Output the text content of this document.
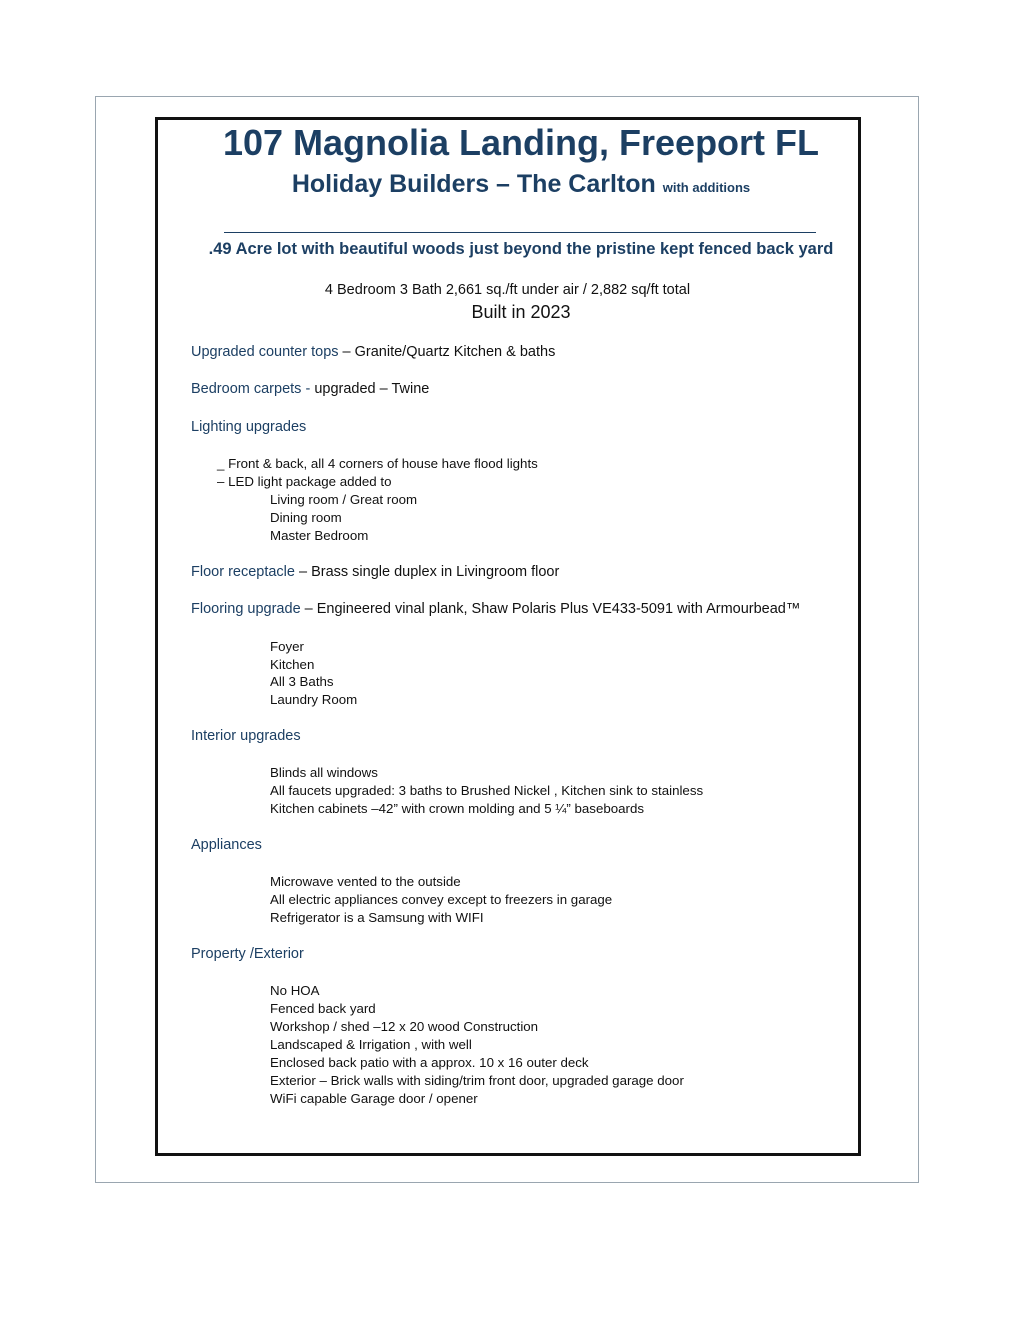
107 Magnolia Landing, Freeport FL
Holiday Builders – The Carlton with additions
.49 Acre lot with beautiful woods just beyond the pristine kept fenced back yard
4 Bedroom 3 Bath 2,661 sq./ft under air / 2,882 sq/ft total
Built in 2023
Upgraded counter tops – Granite/Quartz Kitchen & baths
Bedroom carpets - upgraded – Twine
Lighting upgrades
_ Front & back, all 4 corners of house have flood lights
– LED light package added to
Living room / Great room
Dining room
Master Bedroom
Floor receptacle – Brass single duplex in Livingroom floor
Flooring upgrade – Engineered vinal plank, Shaw Polaris Plus VE433-5091 with Armourbead™
Foyer
Kitchen
All 3 Baths
Laundry Room
Interior upgrades
Blinds all windows
All faucets upgraded: 3 baths to Brushed Nickel , Kitchen sink to stainless
Kitchen cabinets –42” with crown molding and 5 ¼” baseboards
Appliances
Microwave vented to the outside
All electric appliances convey except to freezers in garage
Refrigerator is a Samsung with WIFI
Property /Exterior
No HOA
Fenced back yard
Workshop / shed –12 x 20 wood Construction
Landscaped & Irrigation , with well
Enclosed back patio with a approx. 10 x 16 outer deck
Exterior – Brick walls with siding/trim front door, upgraded garage door
WiFi capable Garage door / opener
